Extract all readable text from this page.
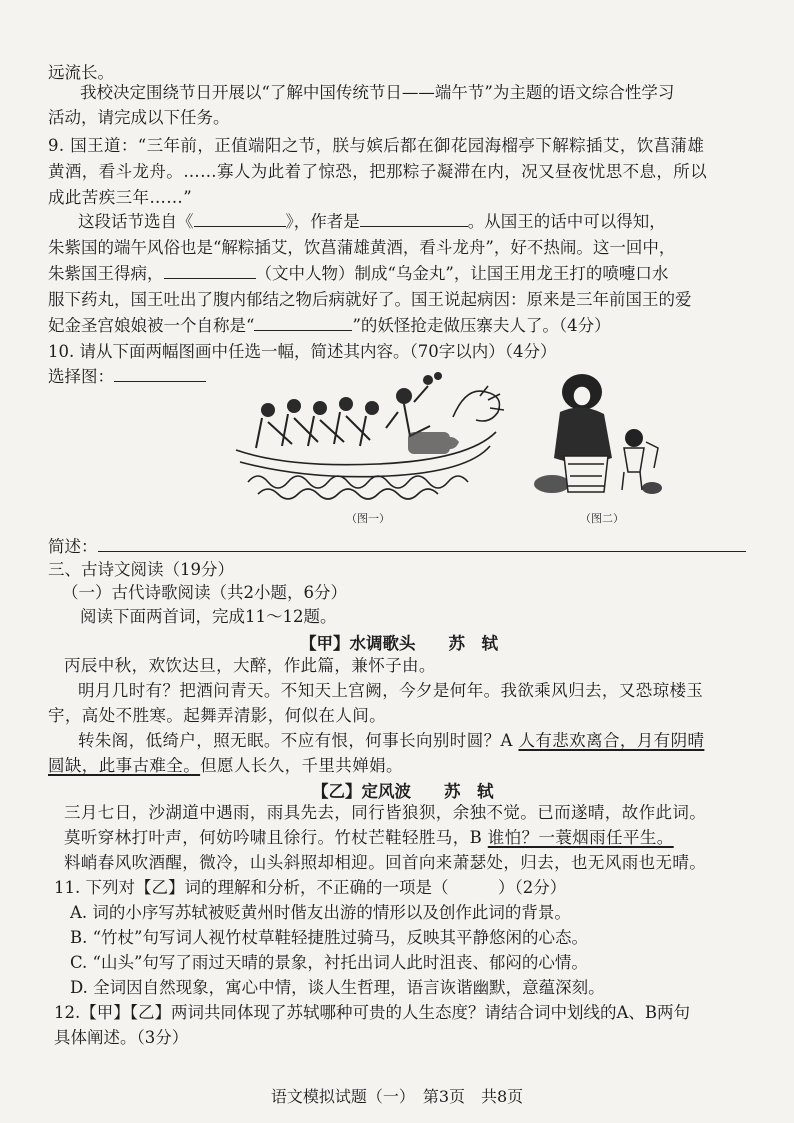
远流长。
我校决定围绕节日开展以“了解中国传统节日——端午节”为主题的语文综合性学习
活动，请完成以下任务。
9. 国王道：“三年前，正值端阳之节，朕与嫔后都在御花园海榴亭下解粽插艾，饮菖蒲雄
黄酒，看斗龙舟。……寡人为此着了惊恐，把那粽子凝滞在内，况又昼夜忧思不息，所以
成此苦疾三年……”
这段话节选自《	》，作者是	。从国王的话中可以得知，
朱紫国的端午风俗也是“解粽插艾，饮菖蒲雄黄酒，看斗龙舟”，好不热闹。这一回中，
朱紫国王得病，	（文中人物）制成“乌金丸”，让国王用龙王打的喷嚏口水
服下药丸，国王吐出了腹内郁结之物后病就好了。国王说起病因：原来是三年前国王的爱
妃金圣宫娘娘被一个自称是“	”的妖怪抢走做压寨夫人了。（4分）
10. 请从下面两幅图画中任选一幅，简述其内容。（70字以内）（4分）
选择图：
（图一）	（图二）
简述：
三、古诗文阅读（19分）
（一）古代诗歌阅读（共2小题，6分）
阅读下面两首词，完成11～12题。
【甲】水调歌头　　苏　轼
丙辰中秋，欢饮达旦，大醉，作此篇，兼怀子由。
明月几时有？把酒问青天。不知天上宫阙，今夕是何年。我欲乘风归去，又恐琼楼玉
宇，高处不胜寒。起舞弄清影，何似在人间。
转朱阁，低绮户，照无眠。不应有恨，何事长向别时圆？A 人有悲欢离合，月有阴晴
圆缺，此事古难全。但愿人长久，千里共婵娟。
【乙】定风波　　苏　轼
三月七日，沙湖道中遇雨，雨具先去，同行皆狼狈，余独不觉。已而遂晴，故作此词。
莫听穿林打叶声，何妨吟啸且徐行。竹杖芒鞋轻胜马，B 谁怕？一蓑烟雨任平生。
料峭春风吹酒醒，微冷，山头斜照却相迎。回首向来萧瑟处，归去，也无风雨也无晴。
11. 下列对【乙】词的理解和分析，不正确的一项是（　　　）（2分）
A. 词的小序写苏轼被贬黄州时偕友出游的情形以及创作此词的背景。
B. “竹杖”句写词人视竹杖草鞋轻捷胜过骑马，反映其平静悠闲的心态。
C. “山头”句写了雨过天晴的景象，衬托出词人此时沮丧、郁闷的心情。
D. 全词因自然现象，寓心中情，谈人生哲理，语言诙谐幽默，意蕴深刻。
12.【甲】【乙】两词共同体现了苏轼哪种可贵的人生态度？请结合词中划线的A、B两句
具体阐述。（3分）
语文模拟试题（一）　第3页　共8页
